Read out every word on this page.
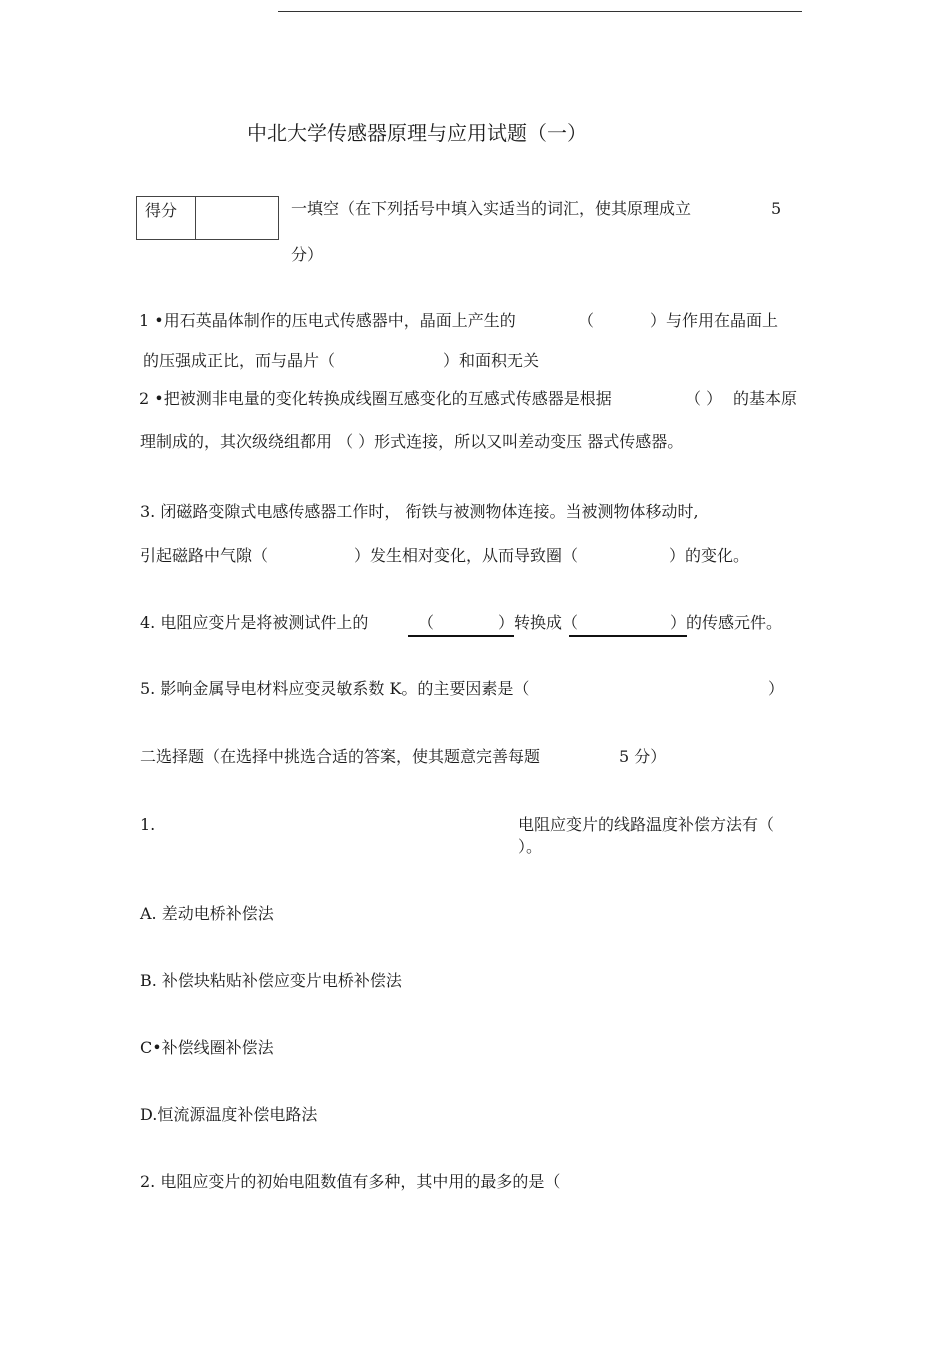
中北大学传感器原理与应用试题（一）
得分	一填空（在下列括号中填入实适当的词汇，使其原理成立	5
分）
1 •用石英晶体制作的压电式传感器中，晶面上产生的	（	）与作用在晶面上
的压强成正比，而与晶片（	）和面积无关
2 •把被测非电量的变化转换成线圈互感变化的互感式传感器是根据	（ ） 的基本原
理制成的，其次级绕组都用 （ ）形式连接，所以又叫差动变压 器式传感器。
3. 闭磁路变隙式电感传感器工作时， 衔铁与被测物体连接。当被测物体移动时,
引起磁路中气隙（	）发生相对变化，从而导致圈（	）的变化。
4. 电阻应变片是将被测试件上的	（	）转换成（	）的传感元件。
5. 影响金属导电材料应变灵敏系数 K。的主要因素是（	）
二选择题（在选择中挑选合适的答案，使其题意完善每题	5 分）
1.	电阻应变片的线路温度补偿方法有（
）。
A. 差动电桥补偿法
B. 补偿块粘贴补偿应变片电桥补偿法
C•补偿线圈补偿法
D.恒流源温度补偿电路法
2. 电阻应变片的初始电阻数值有多种，其中用的最多的是（
